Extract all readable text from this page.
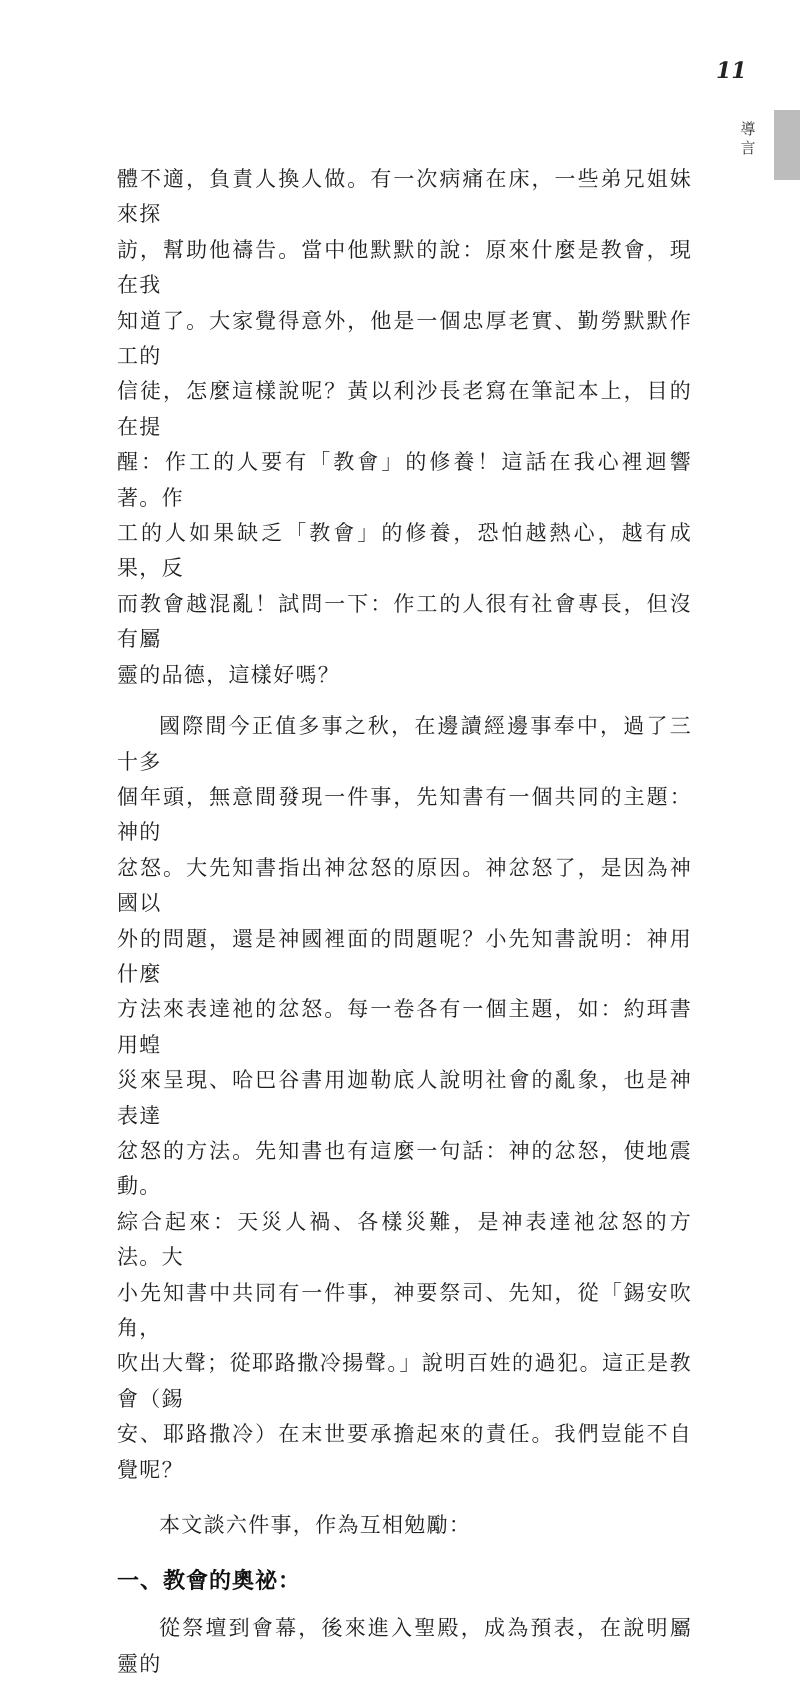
11
導言

體不適，負責人換人做。有一次病痛在床，一些弟兄姐妹來探
訪，幫助他禱告。當中他默默的說：原來什麼是教會，現在我
知道了。大家覺得意外，他是一個忠厚老實、勤勞默默作工的
信徒，怎麼這樣說呢？黃以利沙長老寫在筆記本上，目的在提
醒：作工的人要有「教會」的修養！這話在我心裡迴響著。作
工的人如果缺乏「教會」的修養，恐怕越熱心，越有成果，反
而教會越混亂！試問一下：作工的人很有社會專長，但沒有屬
靈的品德，這樣好嗎？

國際間今正值多事之秋，在邊讀經邊事奉中，過了三十多
個年頭，無意間發現一件事，先知書有一個共同的主題：神的
忿怒。大先知書指出神忿怒的原因。神忿怒了，是因為神國以
外的問題，還是神國裡面的問題呢？小先知書說明：神用什麼
方法來表達祂的忿怒。每一卷各有一個主題，如：約珥書用蝗
災來呈現、哈巴谷書用迦勒底人說明社會的亂象，也是神表達
忿怒的方法。先知書也有這麼一句話：神的忿怒，使地震動。
綜合起來：天災人禍、各樣災難，是神表達祂忿怒的方法。大
小先知書中共同有一件事，神要祭司、先知，從「錫安吹角，
吹出大聲；從耶路撒冷揚聲。」說明百姓的過犯。這正是教會（錫
安、耶路撒冷）在末世要承擔起來的責任。我們豈能不自覺呢？

本文談六件事，作為互相勉勵：

一、教會的奧祕：

從祭壇到會幕，後來進入聖殿，成為預表，在說明屬靈的
